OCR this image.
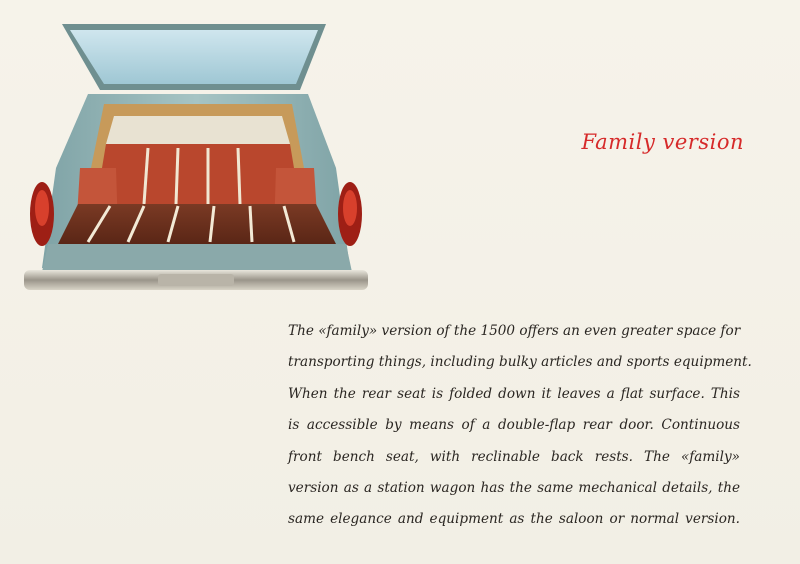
Family version
The «family» version of the 1500 offers an even greater space for
transporting things, including bulky articles and sports equipment.
When the rear seat is folded down it leaves a flat surface. This
is accessible by means of a double-flap rear door. Continuous
front bench seat, with reclinable back rests. The «family»
version as a station wagon has the same mechanical details, the
same elegance and equipment as the saloon or normal version.
